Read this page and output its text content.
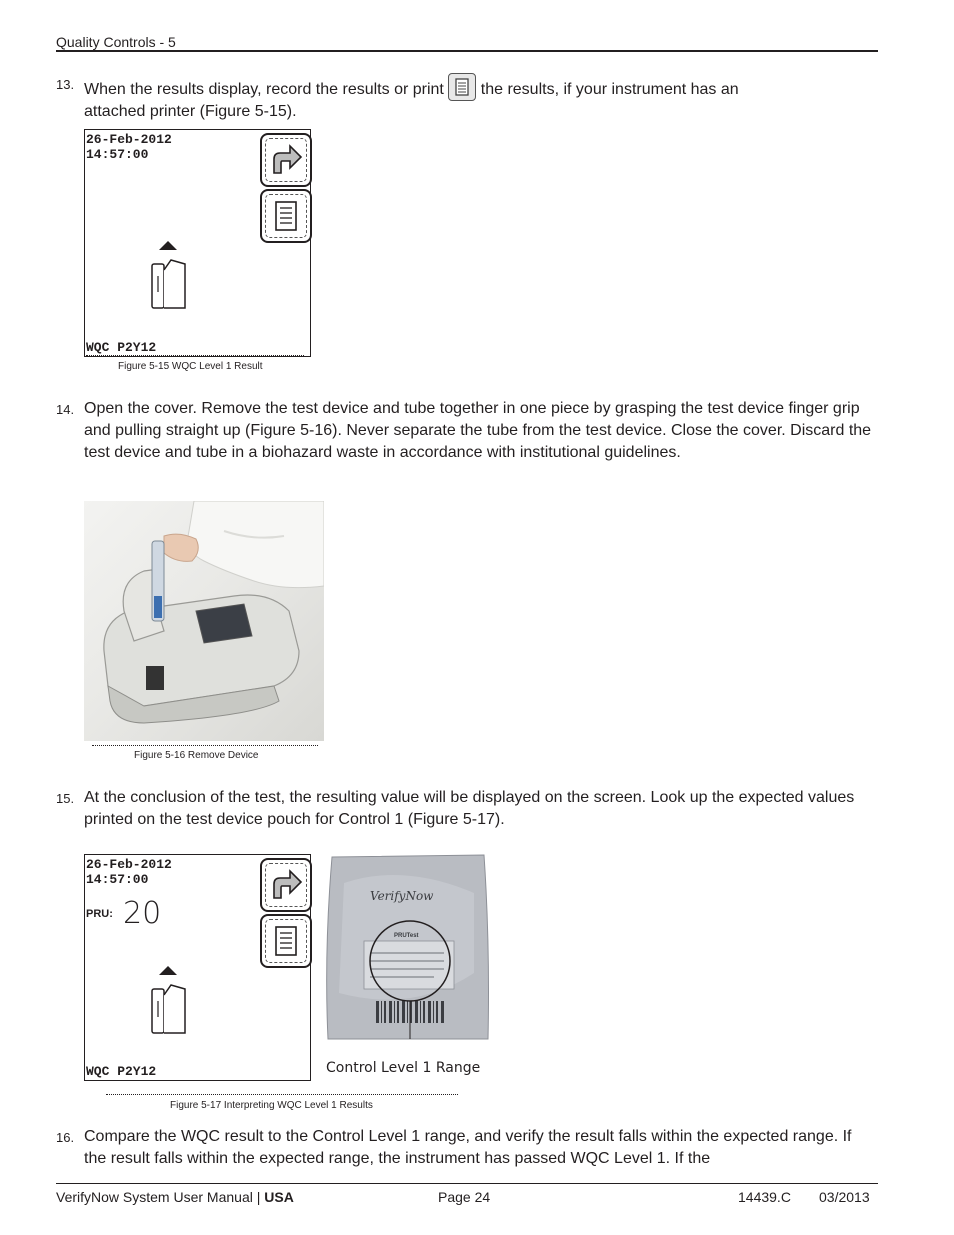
Quality Controls - 5
13. When the results display, record the results or print the results, if your instrument has an
attached printer (Figure 5-15).
26-Feb-2012
14:57:00
WQC P2Y12
Figure 5-15 WQC Level 1 Result
14. Open the cover. Remove the test device and tube together in one piece by grasping the test device finger grip and pulling straight up (Figure 5-16). Never separate the tube from the test device. Close the cover. Discard the test device and tube in a biohazard waste in accordance with institutional guidelines.
Figure 5-16 Remove Device
15. At the conclusion of the test, the resulting value will be displayed on the screen. Look up the expected values printed on the test device pouch for Control 1 (Figure 5-17).
26-Feb-2012
14:57:00
PRU: 20
WQC P2Y12
VerifyNow
PRUTest
Control Level 1 Range
Figure 5-17 Interpreting WQC Level 1 Results
16. Compare the WQC result to the Control Level 1 range, and verify the result falls within the expected range. If the result falls within the expected range, the instrument has passed WQC Level 1. If the
VerifyNow System User Manual | USA	Page 24	14439.C 03/2013
